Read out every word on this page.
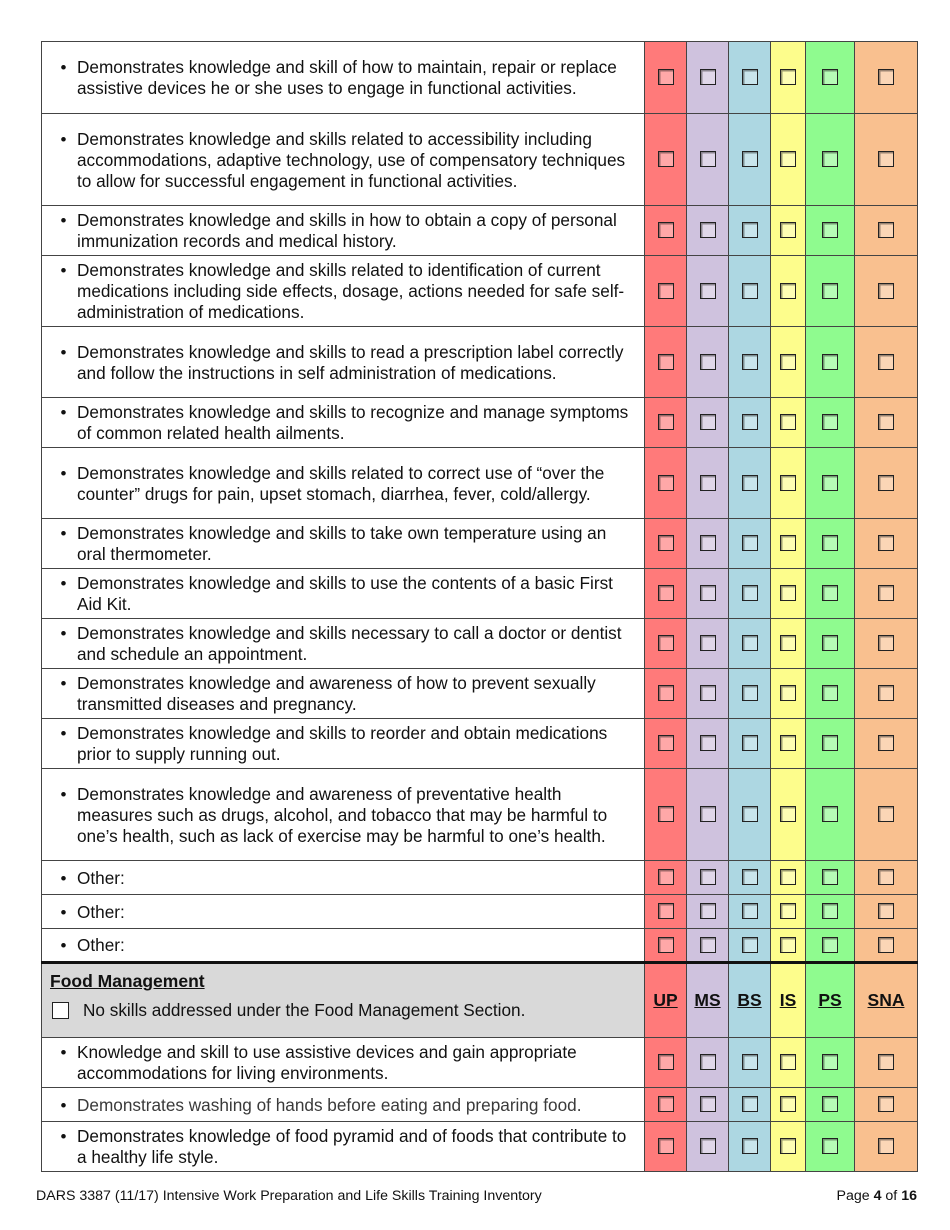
• Demonstrates knowledge and skill of how to maintain, repair or replace assistive devices he or she uses to engage in functional activities.						

• Demonstrates knowledge and skills related to accessibility including accommodations, adaptive technology, use of compensatory techniques to allow for successful engagement in functional activities.						

• Demonstrates knowledge and skills in how to obtain a copy of personal immunization records and medical history.						

• Demonstrates knowledge and skills related to identification of current medications including side effects, dosage, actions needed for safe self-administration of medications.						

• Demonstrates knowledge and skills to read a prescription label correctly and follow the instructions in self administration of medications.						

• Demonstrates knowledge and skills to recognize and manage symptoms of common related health ailments.						

• Demonstrates knowledge and skills related to correct use of “over the counter” drugs for pain, upset stomach, diarrhea, fever, cold/allergy.						

• Demonstrates knowledge and skills to take own temperature using an oral thermometer.						

• Demonstrates knowledge and skills to use the contents of a basic First Aid Kit.						

• Demonstrates knowledge and skills necessary to call a doctor or dentist and schedule an appointment.						

• Demonstrates knowledge and awareness of how to prevent sexually transmitted diseases and pregnancy.						

• Demonstrates knowledge and skills to reorder and obtain medications prior to supply running out.						

• Demonstrates knowledge and awareness of preventative health measures such as drugs, alcohol, and tobacco that may be harmful to one’s health, such as lack of exercise may be harmful to one’s health.						

• Other:						

• Other:						

• Other:						

Food Management
No skills addressed under the Food Management Section.	UP	MS	BS	IS	PS	SNA

• Knowledge and skill to use assistive devices and gain appropriate accommodations for living environments.						

• Demonstrates washing of hands before eating and preparing food.						

• Demonstrates knowledge of food pyramid and of foods that contribute to a healthy life style.						

DARS 3387 (11/17) Intensive Work Preparation and Life Skills Training Inventory	Page 4 of 16
